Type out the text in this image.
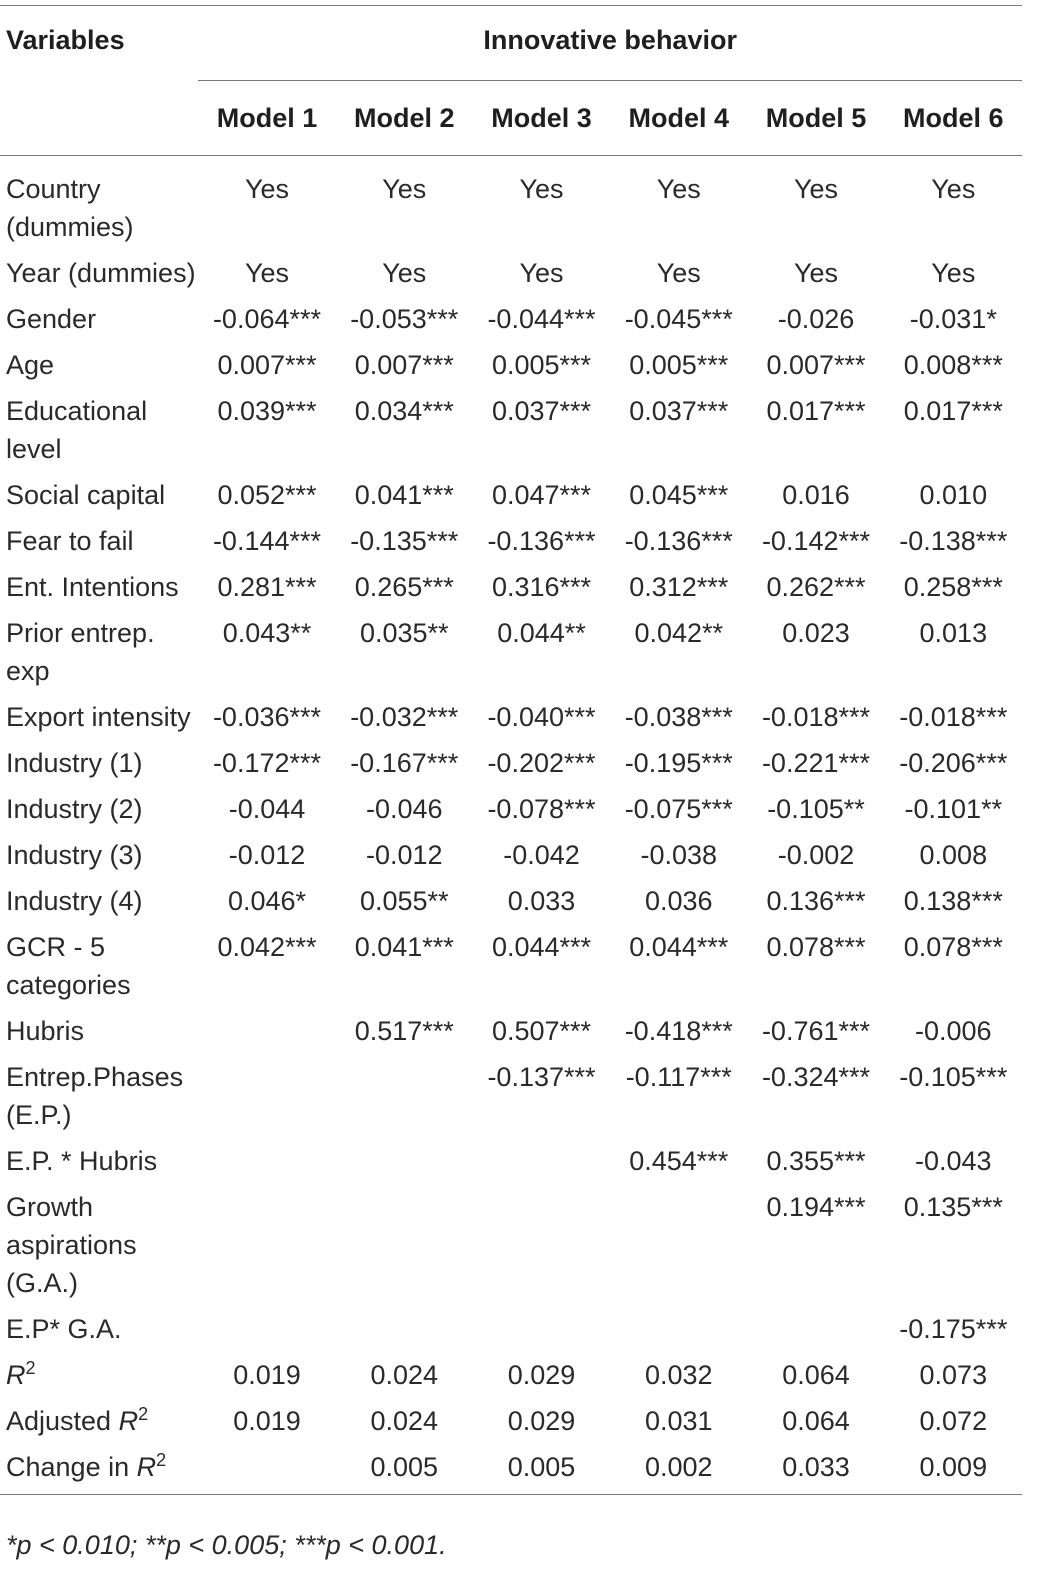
Variables	Innovative behavior					
	Model 1	Model 2	Model 3	Model 4	Model 5	Model 6
Country (dummies)	Yes	Yes	Yes	Yes	Yes	Yes
Year (dummies)	Yes	Yes	Yes	Yes	Yes	Yes
Gender	-0.064***	-0.053***	-0.044***	-0.045***	-0.026	-0.031*
Age	0.007***	0.007***	0.005***	0.005***	0.007***	0.008***
Educational level	0.039***	0.034***	0.037***	0.037***	0.017***	0.017***
Social capital	0.052***	0.041***	0.047***	0.045***	0.016	0.010
Fear to fail	-0.144***	-0.135***	-0.136***	-0.136***	-0.142***	-0.138***
Ent. Intentions	0.281***	0.265***	0.316***	0.312***	0.262***	0.258***
Prior entrep. exp	0.043**	0.035**	0.044**	0.042**	0.023	0.013
Export intensity	-0.036***	-0.032***	-0.040***	-0.038***	-0.018***	-0.018***
Industry (1)	-0.172***	-0.167***	-0.202***	-0.195***	-0.221***	-0.206***
Industry (2)	-0.044	-0.046	-0.078***	-0.075***	-0.105**	-0.101**
Industry (3)	-0.012	-0.012	-0.042	-0.038	-0.002	0.008
Industry (4)	0.046*	0.055**	0.033	0.036	0.136***	0.138***
GCR - 5 categories	0.042***	0.041***	0.044***	0.044***	0.078***	0.078***
Hubris		0.517***	0.507***	-0.418***	-0.761***	-0.006
Entrep.Phases (E.P.)			-0.137***	-0.117***	-0.324***	-0.105***
E.P. * Hubris				0.454***	0.355***	-0.043
Growth aspirations (G.A.)					0.194***	0.135***
E.P* G.A.						-0.175***
$R^2$	0.019	0.024	0.029	0.032	0.064	0.073
Adjusted $R^2$	0.019	0.024	0.029	0.031	0.064	0.072
Change in $R^2$		0.005	0.005	0.002	0.033	0.009
*p < 0.010; **p < 0.005; ***p < 0.001.
